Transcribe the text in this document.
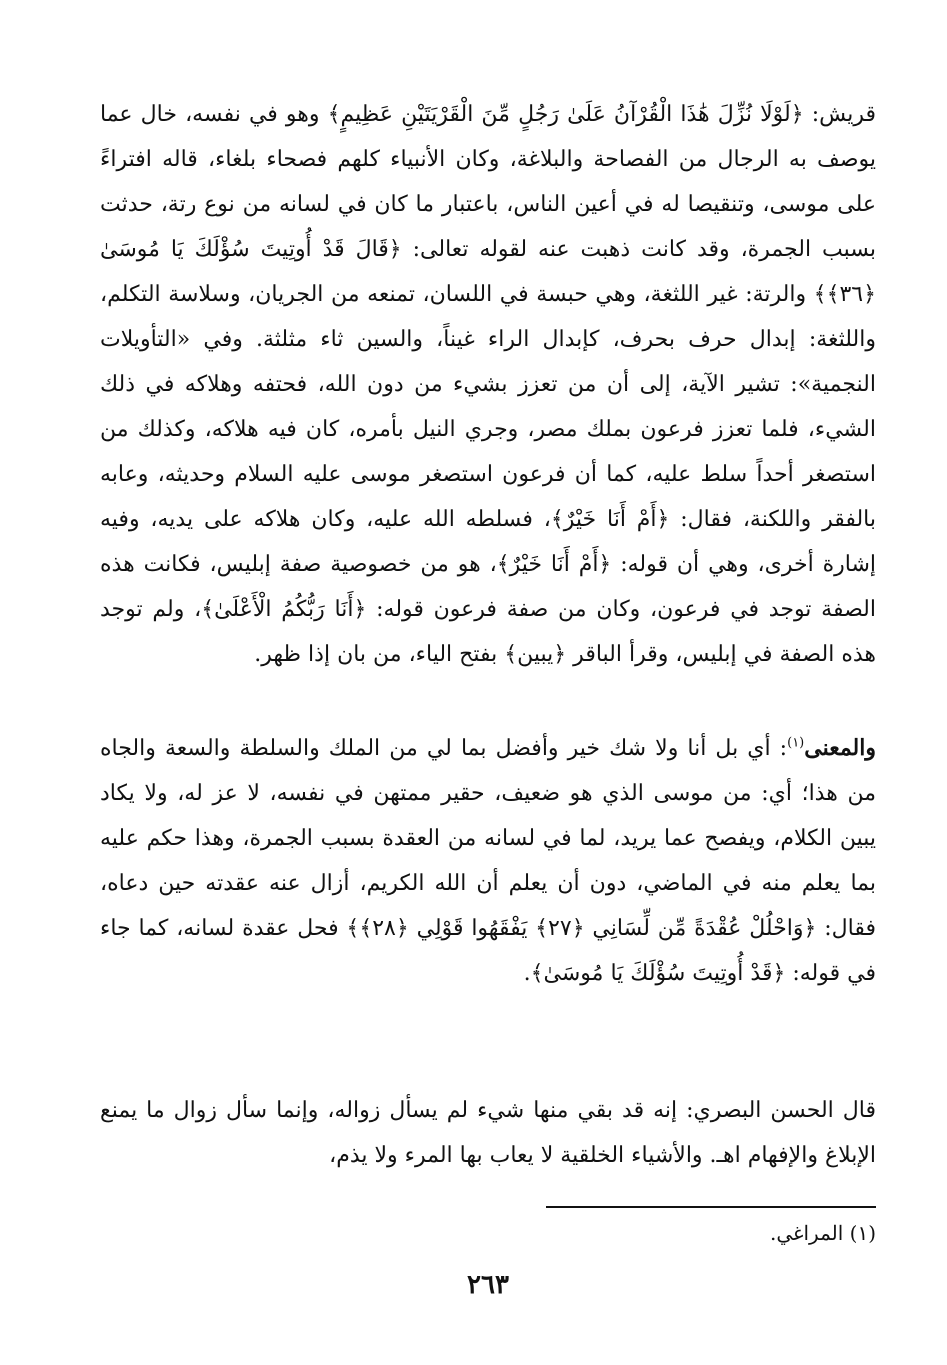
قريش: ﴿لَوْلَا نُزِّلَ هَٰذَا الْقُرْآنُ عَلَىٰ رَجُلٍ مِّنَ الْقَرْيَتَيْنِ عَظِيمٍ﴾ وهو في نفسه، خال عما يوصف به الرجال من الفصاحة والبلاغة، وكان الأنبياء كلهم فصحاء بلغاء، قاله افتراءً على موسى، وتنقيصا له في أعين الناس، باعتبار ما كان في لسانه من نوع رتة، حدثت بسبب الجمرة، وقد كانت ذهبت عنه لقوله تعالى: ﴿قَالَ قَدْ أُوتِيتَ سُؤْلَكَ يَا مُوسَىٰ ﴿٣٦﴾﴾ والرتة: غير اللثغة، وهي حبسة في اللسان، تمنعه من الجريان، وسلاسة التكلم، واللثغة: إبدال حرف بحرف، كإبدال الراء غيناً، والسين ثاء مثلثة. وفي «التأويلات النجمية»: تشير الآية، إلى أن من تعزز بشيء من دون الله، فحتفه وهلاكه في ذلك الشيء، فلما تعزز فرعون بملك مصر، وجري النيل بأمره، كان فيه هلاكه، وكذلك من استصغر أحداً سلط عليه، كما أن فرعون استصغر موسى عليه السلام وحديثه، وعابه بالفقر واللكنة، فقال: ﴿أَمْ أَنَا خَيْرٌ﴾، فسلطه الله عليه، وكان هلاكه على يديه، وفيه إشارة أخرى، وهي أن قوله: ﴿أَمْ أَنَا خَيْرٌ﴾، هو من خصوصية صفة إبليس، فكانت هذه الصفة توجد في فرعون، وكان من صفة فرعون قوله: ﴿أَنَا رَبُّكُمُ الْأَعْلَىٰ﴾، ولم توجد هذه الصفة في إبليس، وقرأ الباقر ﴿يبين﴾ بفتح الياء، من بان إذا ظهر.

والمعنى$^{(١)}$: أي بل أنا ولا شك خير وأفضل بما لي من الملك والسلطة والسعة والجاه من هذا؛ أي: من موسى الذي هو ضعيف، حقير ممتهن في نفسه، لا عز له، ولا يكاد يبين الكلام، ويفصح عما يريد، لما في لسانه من العقدة بسبب الجمرة، وهذا حكم عليه بما يعلم منه في الماضي، دون أن يعلم أن الله الكريم، أزال عنه عقدته حين دعاه، فقال: ﴿وَاحْلُلْ عُقْدَةً مِّن لِّسَانِي ﴿٢٧﴾ يَفْقَهُوا قَوْلِي ﴿٢٨﴾﴾ فحل عقدة لسانه، كما جاء في قوله: ﴿قَدْ أُوتِيتَ سُؤْلَكَ يَا مُوسَىٰ﴾.

قال الحسن البصري: إنه قد بقي منها شيء لم يسأل زواله، وإنما سأل زوال ما يمنع الإبلاغ والإفهام اهـ. والأشياء الخلقية لا يعاب بها المرء ولا يذم،

(١) المراغي.
٢٦٣
